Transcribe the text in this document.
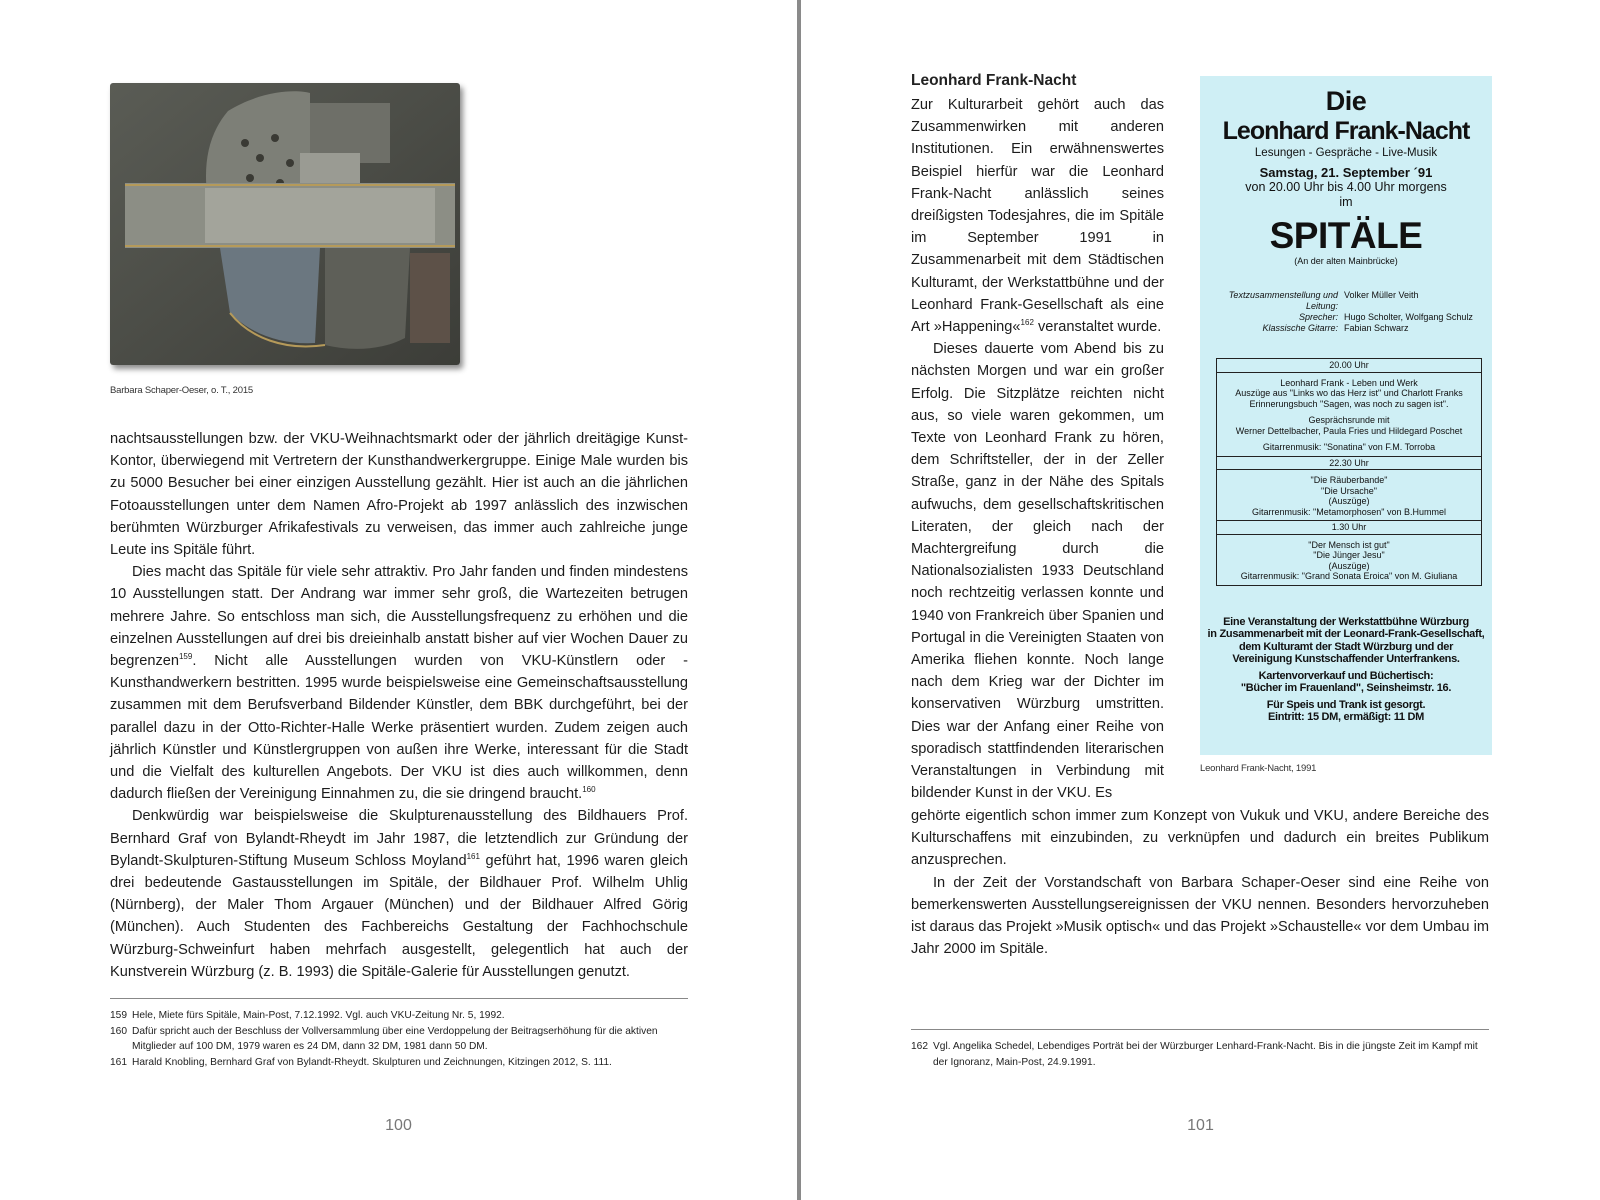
Barbara Schaper-Oeser, o. T., 2015

nachtsausstellungen bzw. der VKU-Weihnachtsmarkt oder der jährlich dreitägige Kunst-Kontor, überwiegend mit Vertretern der Kunsthandwerkergruppe. Einige Male wurden bis zu 5000 Besucher bei einer einzigen Ausstellung gezählt. Hier ist auch an die jährlichen Fotoausstellungen unter dem Namen Afro-Projekt ab 1997 anlässlich des inzwischen berühmten Würzburger Afrikafestivals zu verweisen, das immer auch zahlreiche junge Leute ins Spitäle führt.

Dies macht das Spitäle für viele sehr attraktiv. Pro Jahr fanden und finden mindestens 10 Ausstellungen statt. Der Andrang war immer sehr groß, die Wartezeiten betrugen mehrere Jahre. So entschloss man sich, die Ausstellungsfrequenz zu erhöhen und die einzelnen Ausstellungen auf drei bis dreieinhalb anstatt bisher auf vier Wochen Dauer zu begrenzen$^{159}$. Nicht alle Ausstellungen wurden von VKU-Künstlern oder -Kunsthandwerkern bestritten. 1995 wurde beispielsweise eine Gemeinschaftsausstellung zusammen mit dem Berufsverband Bildender Künstler, dem BBK durchgeführt, bei der parallel dazu in der Otto-Richter-Halle Werke präsentiert wurden. Zudem zeigen auch jährlich Künstler und Künstlergruppen von außen ihre Werke, interessant für die Stadt und die Vielfalt des kulturellen Angebots. Der VKU ist dies auch willkommen, denn dadurch fließen der Vereinigung Einnahmen zu, die sie dringend braucht.$^{160}$

Denkwürdig war beispielsweise die Skulpturenausstellung des Bildhauers Prof. Bernhard Graf von Bylandt-Rheydt im Jahr 1987, die letztendlich zur Gründung der Bylandt-Skulpturen-Stiftung Museum Schloss Moyland$^{161}$ geführt hat, 1996 waren gleich drei bedeutende Gastausstellungen im Spitäle, der Bildhauer Prof. Wilhelm Uhlig (Nürnberg), der Maler Thom Argauer (München) und der Bildhauer Alfred Görig (München). Auch Studenten des Fachbereichs Gestaltung der Fachhochschule Würzburg-Schweinfurt haben mehrfach ausgestellt, gelegentlich hat auch der Kunstverein Würzburg (z. B. 1993) die Spitäle-Galerie für Ausstellungen genutzt.

159 Hele, Miete fürs Spitäle, Main-Post, 7.12.1992. Vgl. auch VKU-Zeitung Nr. 5, 1992.
160 Dafür spricht auch der Beschluss der Vollversammlung über eine Verdoppelung der Beitragserhöhung für die aktiven Mitglieder auf 100 DM, 1979 waren es 24 DM, dann 32 DM, 1981 dann 50 DM.
161 Harald Knobling, Bernhard Graf von Bylandt-Rheydt. Skulpturen und Zeichnungen, Kitzingen 2012, S. 111.
100
Leonhard Frank-Nacht

Zur Kulturarbeit gehört auch das Zusammenwirken mit anderen Institutionen. Ein erwähnenswertes Beispiel hierfür war die Leonhard Frank-Nacht anlässlich seines dreißigsten Todesjahres, die im Spitäle im September 1991 in Zusammenarbeit mit dem Städtischen Kulturamt, der Werkstattbühne und der Leonhard Frank-Gesellschaft als eine Art »Happening«$^{162}$ veranstaltet wurde.

Dieses dauerte vom Abend bis zu nächsten Morgen und war ein großer Erfolg. Die Sitzplätze reichten nicht aus, so viele waren gekommen, um Texte von Leonhard Frank zu hören, dem Schriftsteller, der in der Zeller Straße, ganz in der Nähe des Spitals aufwuchs, dem gesellschaftskritischen Literaten, der gleich nach der Machtergreifung durch die Nationalsozialisten 1933 Deutschland noch rechtzeitig verlassen konnte und 1940 von Frankreich über Spanien und Portugal in die Vereinigten Staaten von Amerika fliehen konnte. Noch lange nach dem Krieg war der Dichter im konservativen Würzburg umstritten. Dies war der Anfang einer Reihe von sporadisch stattfindenden literarischen Veranstaltungen in Verbindung mit bildender Kunst in der VKU. Es

Die
Leonhard Frank-Nacht
Lesungen - Gespräche - Live-Musik
Samstag, 21. September ´91
von 20.00 Uhr bis 4.00 Uhr morgens
im
SPITÄLE
(An der alten Mainbrücke)
Textzusammenstellung und Leitung:
Volker Müller Veith
Sprecher: Hugo Scholter, Wolfgang Schulz
Klassische Gitarre: Fabian Schwarz
20.00 Uhr
Leonhard Frank - Leben und Werk
Auszüge aus "Links wo das Herz ist" und Charlott Franks
Erinnerungsbuch "Sagen, was noch zu sagen ist".
Gesprächsrunde mit
Werner Dettelbacher, Paula Fries und Hildegard Poschet
Gitarrenmusik: "Sonatina" von F.M. Torroba
22.30 Uhr
"Die Räuberbande"
"Die Ursache"
(Auszüge)
Gitarrenmusik: "Metamorphosen" von B.Hummel
1.30 Uhr
"Der Mensch ist gut"
"Die Jünger Jesu"
(Auszüge)
Gitarrenmusik: "Grand Sonata Eroica" von M. Giuliana
Eine Veranstaltung der Werkstattbühne Würzburg
in Zusammenarbeit mit der Leonard-Frank-Gesellschaft,
dem Kulturamt der Stadt Würzburg und der
Vereinigung Kunstschaffender Unterfrankens.
Kartenvorverkauf und Büchertisch:
"Bücher im Frauenland", Seinsheimstr. 16.
Für Speis und Trank ist gesorgt.
Eintritt: 15 DM, ermäßigt: 11 DM
Leonhard Frank-Nacht, 1991

gehörte eigentlich schon immer zum Konzept von Vukuk und VKU, andere Bereiche des Kulturschaffens mit einzubinden, zu verknüpfen und dadurch ein breites Publikum anzusprechen.

In der Zeit der Vorstandschaft von Barbara Schaper-Oeser sind eine Reihe von bemerkenswerten Ausstellungsereignissen der VKU nennen. Besonders hervorzuheben ist daraus das Projekt »Musik optisch« und das Projekt »Schaustelle« vor dem Umbau im Jahr 2000 im Spitäle.

162 Vgl. Angelika Schedel, Lebendiges Porträt bei der Würzburger Lenhard-Frank-Nacht. Bis in die jüngste Zeit im Kampf mit der Ignoranz, Main-Post, 24.9.1991.
101
